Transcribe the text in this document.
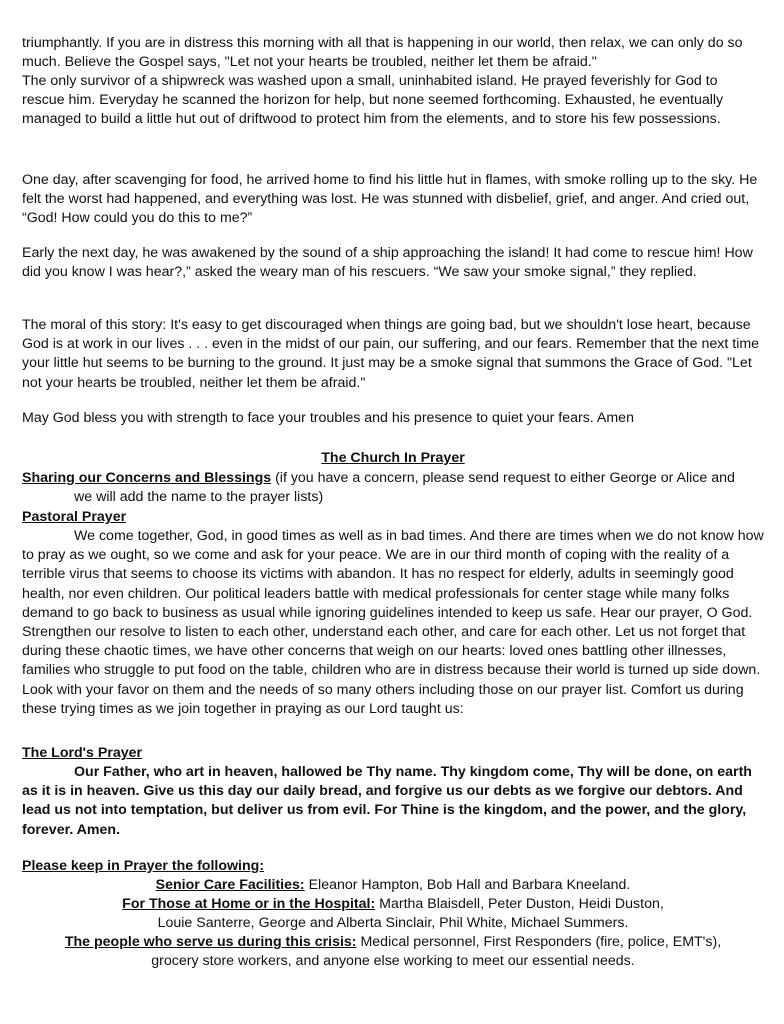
triumphantly. If you are in distress this morning with all that is happening in our world, then relax, we can only do so much. Believe the Gospel says, "Let not your hearts be troubled, neither let them be afraid."

The only survivor of a shipwreck was washed upon a small, uninhabited island. He prayed feverishly for God to rescue him. Everyday he scanned the horizon for help, but none seemed forthcoming. Exhausted, he eventually managed to build a little hut out of driftwood to protect him from the elements, and to store his few possessions.

One day, after scavenging for food, he arrived home to find his little hut in flames, with smoke rolling up to the sky. He felt the worst had happened, and everything was lost. He was stunned with disbelief, grief, and anger. And cried out, “God! How could you do this to me?”

Early the next day, he was awakened by the sound of a ship approaching the island! It had come to rescue him! How did you know I was hear?,” asked the weary man of his rescuers. “We saw your smoke signal,” they replied.

The moral of this story: It's easy to get discouraged when things are going bad, but we shouldn't lose heart, because God is at work in our lives . . . even in the midst of our pain, our suffering, and our fears. Remember that the next time your little hut seems to be burning to the ground. It just may be a smoke signal that summons the Grace of God. "Let not your hearts be troubled, neither let them be afraid."

May God bless you with strength to face your troubles and his presence to quiet your fears. Amen

The Church In Prayer

Sharing our Concerns and Blessings (if you have a concern, please send request to either George or Alice and

we will add the name to the prayer lists)

Pastoral Prayer

We come together, God, in good times as well as in bad times. And there are times when we do not know how to pray as we ought, so we come and ask for your peace. We are in our third month of coping with the reality of a terrible virus that seems to choose its victims with abandon. It has no respect for elderly, adults in seemingly good health, nor even children. Our political leaders battle with medical professionals for center stage while many folks demand to go back to business as usual while ignoring guidelines intended to keep us safe. Hear our prayer, O God. Strengthen our resolve to listen to each other, understand each other, and care for each other. Let us not forget that during these chaotic times, we have other concerns that weigh on our hearts: loved ones battling other illnesses, families who struggle to put food on the table, children who are in distress because their world is turned up side down. Look with your favor on them and the needs of so many others including those on our prayer list. Comfort us during these trying times as we join together in praying as our Lord taught us:

The Lord's Prayer

Our Father, who art in heaven, hallowed be Thy name. Thy kingdom come, Thy will be done, on earth as it is in heaven. Give us this day our daily bread, and forgive us our debts as we forgive our debtors. And lead us not into temptation, but deliver us from evil. For Thine is the kingdom, and the power, and the glory, forever. Amen.

Please keep in Prayer the following:

Senior Care Facilities: Eleanor Hampton, Bob Hall and Barbara Kneeland.

For Those at Home or in the Hospital: Martha Blaisdell, Peter Duston, Heidi Duston,

Louie Santerre, George and Alberta Sinclair, Phil White, Michael Summers.

The people who serve us during this crisis: Medical personnel, First Responders (fire, police, EMT's),

grocery store workers, and anyone else working to meet our essential needs.
